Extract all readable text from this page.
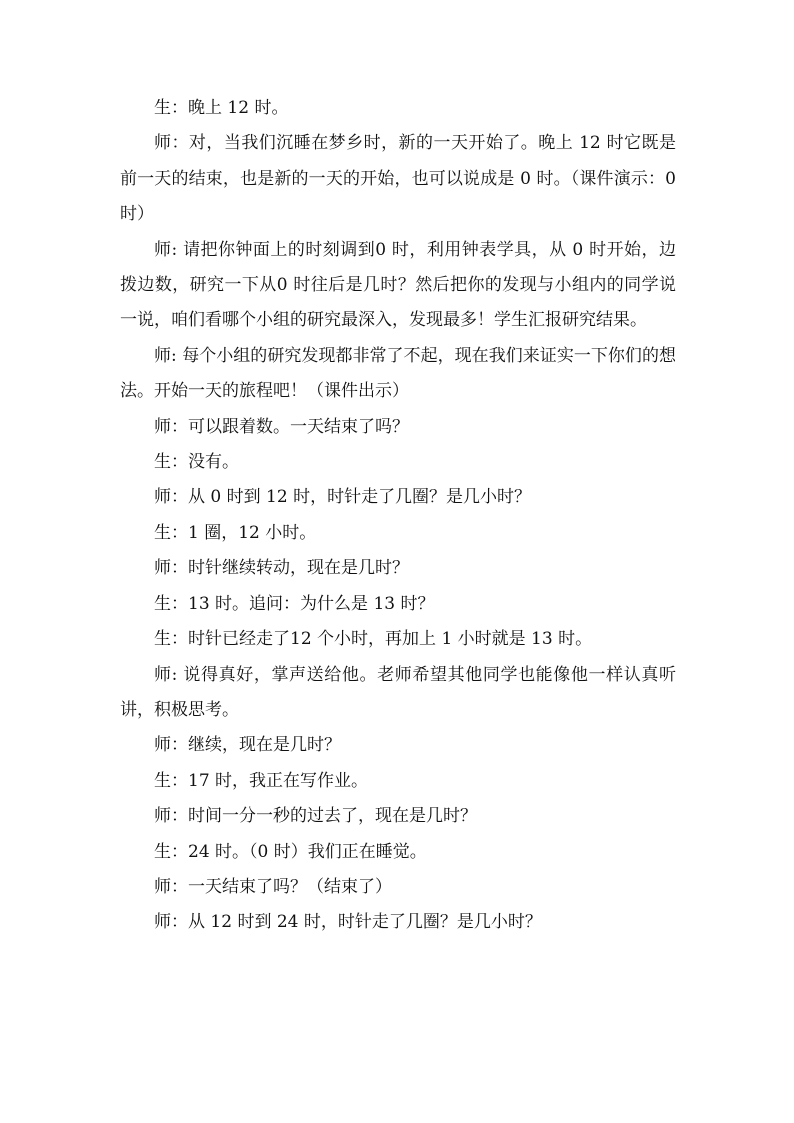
生：晚上 12 时。

师：对，当我们沉睡在梦乡时，新的一天开始了。晚上 12 时它既是前一天的结束，也是新的一天的开始，也可以说成是 0 时。（课件演示：0 时）

师: 请把你钟面上的时刻调到0 时，利用钟表学具，从 0 时开始，边拨边数，研究一下从0 时往后是几时？然后把你的发现与小组内的同学说一说，咱们看哪个小组的研究最深入，发现最多！学生汇报研究结果。

师: 每个小组的研究发现都非常了不起，现在我们来证实一下你们的想法。开始一天的旅程吧！（课件出示）

师：可以跟着数。一天结束了吗？

生：没有。

师：从 0 时到 12 时，时针走了几圈？是几小时？

生：1 圈，12 小时。

师：时针继续转动，现在是几时？

生：13 时。追问：为什么是 13 时？

生：时针已经走了12 个小时，再加上 1 小时就是 13 时。

师: 说得真好，掌声送给他。老师希望其他同学也能像他一样认真听讲，积极思考。

师：继续，现在是几时？

生：17 时，我正在写作业。

师：时间一分一秒的过去了，现在是几时？

生：24 时。（0 时）我们正在睡觉。

师：一天结束了吗？（结束了）

师：从 12 时到 24 时，时针走了几圈？是几小时？
